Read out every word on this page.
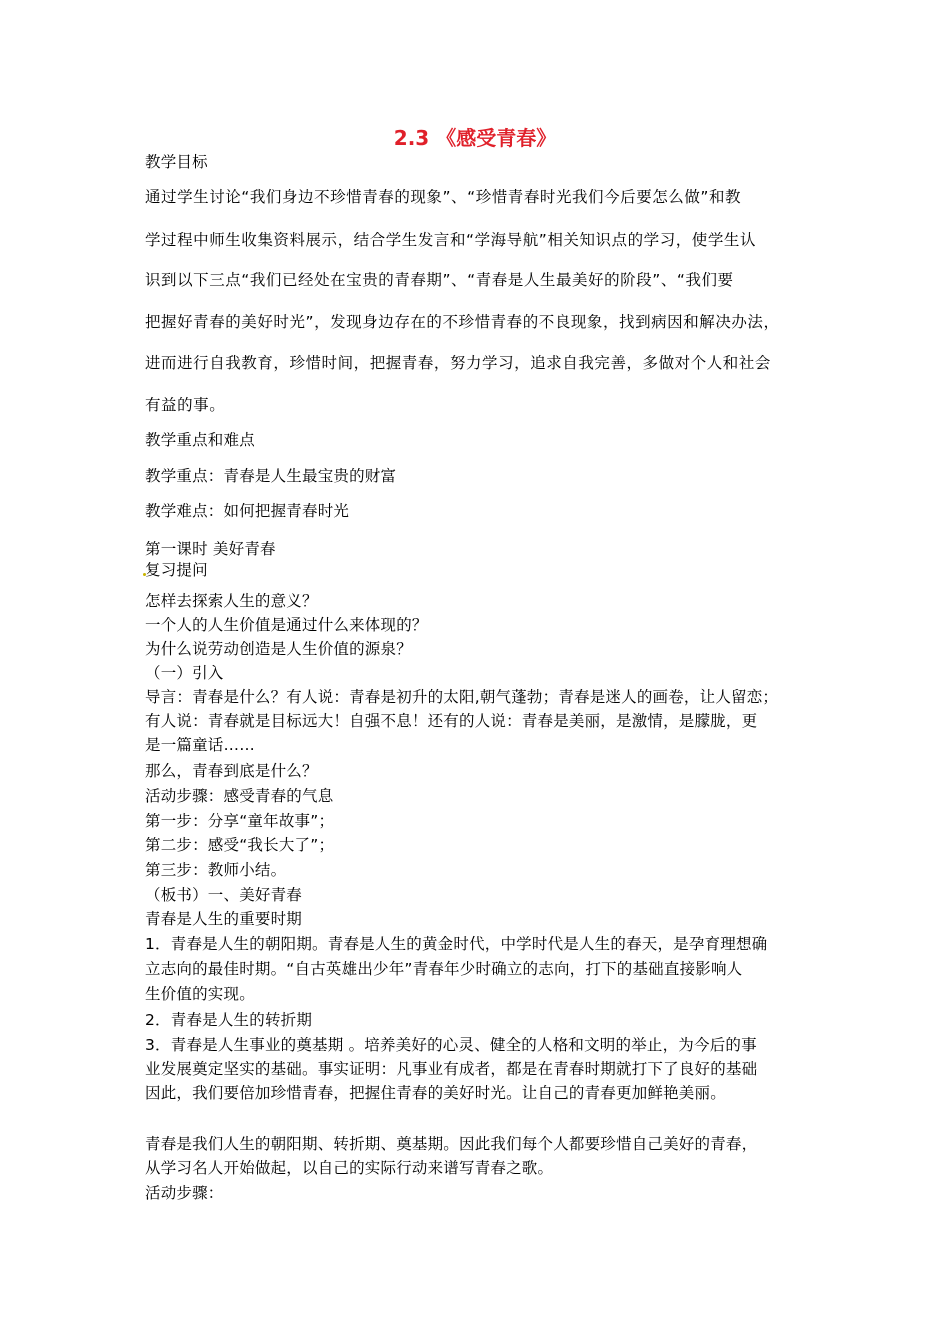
2.3 《感受青春》
教学目标
通过学生讨论“我们身边不珍惜青春的现象”、“珍惜青春时光我们今后要怎么做”和教
学过程中师生收集资料展示，结合学生发言和“学海导航”相关知识点的学习，使学生认
识到以下三点“我们已经处在宝贵的青春期”、“青春是人生最美好的阶段”、“我们要
把握好青春的美好时光”，发现身边存在的不珍惜青春的不良现象，找到病因和解决办法，
进而进行自我教育，珍惜时间，把握青春，努力学习，追求自我完善，多做对个人和社会
有益的事。
教学重点和难点
教学重点：青春是人生最宝贵的财富
教学难点：如何把握青春时光
第一课时 美好青春
复习提问
怎样去探索人生的意义？
一个人的人生价值是通过什么来体现的？
为什么说劳动创造是人生价值的源泉？
（一）引入
导言：青春是什么？有人说：青春是初升的太阳,朝气蓬勃；青春是迷人的画卷，让人留恋；
有人说：青春就是目标远大！自强不息！还有的人说：青春是美丽，是激情，是朦胧，更
是一篇童话……
那么，青春到底是什么？
活动步骤：感受青春的气息
第一步：分享“童年故事”；
第二步：感受“我长大了”；
第三步：教师小结。
（板书）一、美好青春
青春是人生的重要时期
1．青春是人生的朝阳期。青春是人生的黄金时代，中学时代是人生的春天，是孕育理想确
立志向的最佳时期。“自古英雄出少年”青春年少时确立的志向，打下的基础直接影响人
生价值的实现。
2．青春是人生的转折期
3．青春是人生事业的奠基期 。培养美好的心灵、健全的人格和文明的举止，为今后的事
业发展奠定坚实的基础。事实证明：凡事业有成者，都是在青春时期就打下了良好的基础
因此，我们要倍加珍惜青春，把握住青春的美好时光。让自己的青春更加鲜艳美丽。
青春是我们人生的朝阳期、转折期、奠基期。因此我们每个人都要珍惜自己美好的青春，
从学习名人开始做起，以自己的实际行动来谱写青春之歌。
活动步骤：
